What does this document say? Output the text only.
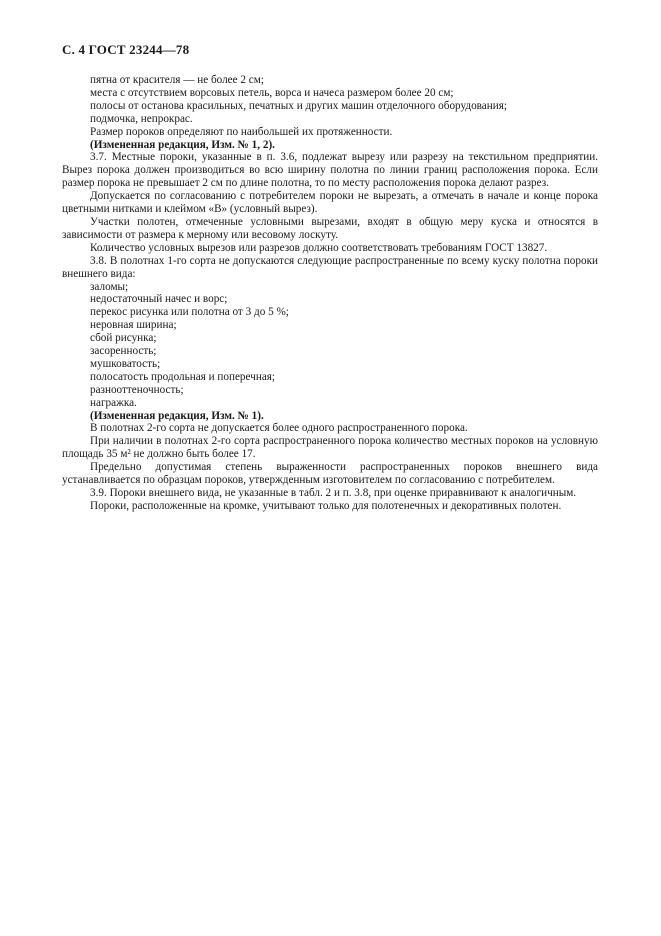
С. 4 ГОСТ 23244—78

пятна от красителя — не более 2 см;

места с отсутствием ворсовых петель, ворса и начеса размером более 20 см;

полосы от останова красильных, печатных и других машин отделочного оборудования;

подмочка, непрокрас.

Размер пороков определяют по наибольшей их протяженности.

(Измененная редакция, Изм. № 1, 2).

3.7. Местные пороки, указанные в п. 3.6, подлежат вырезу или разрезу на текстильном предприятии. Вырез порока должен производиться во всю ширину полотна по линии границ расположения порока. Если размер порока не превышает 2 см по длине полотна, то по месту расположения порока делают разрез.

Допускается по согласованию с потребителем пороки не вырезать, а отмечать в начале и конце порока цветными нитками и клеймом «В» (условный вырез).

Участки полотен, отмеченные условными вырезами, входят в общую меру куска и относятся в зависимости от размера к мерному или весовому лоскуту.

Количество условных вырезов или разрезов должно соответствовать требованиям ГОСТ 13827.

3.8. В полотнах 1-го сорта не допускаются следующие распространенные по всему куску полотна пороки внешнего вида:

заломы;

недостаточный начес и ворс;

перекос рисунка или полотна от 3 до 5 %;

неровная ширина;

сбой рисунка;

засоренность;

мушковатость;

полосатость продольная и поперечная;

разнооттеночность;

награжка.

(Измененная редакция, Изм. № 1).

В полотнах 2-го сорта не допускается более одного распространенного порока.

При наличии в полотнах 2-го сорта распространенного порока количество местных пороков на условную площадь 35 м² не должно быть более 17.

Предельно допустимая степень выраженности распространенных пороков внешнего вида устанавливается по образцам пороков, утвержденным изготовителем по согласованию с потребителем.

3.9. Пороки внешнего вида, не указанные в табл. 2 и п. 3.8, при оценке приравнивают к аналогичным.

Пороки, расположенные на кромке, учитывают только для полотенечных и декоративных полотен.
